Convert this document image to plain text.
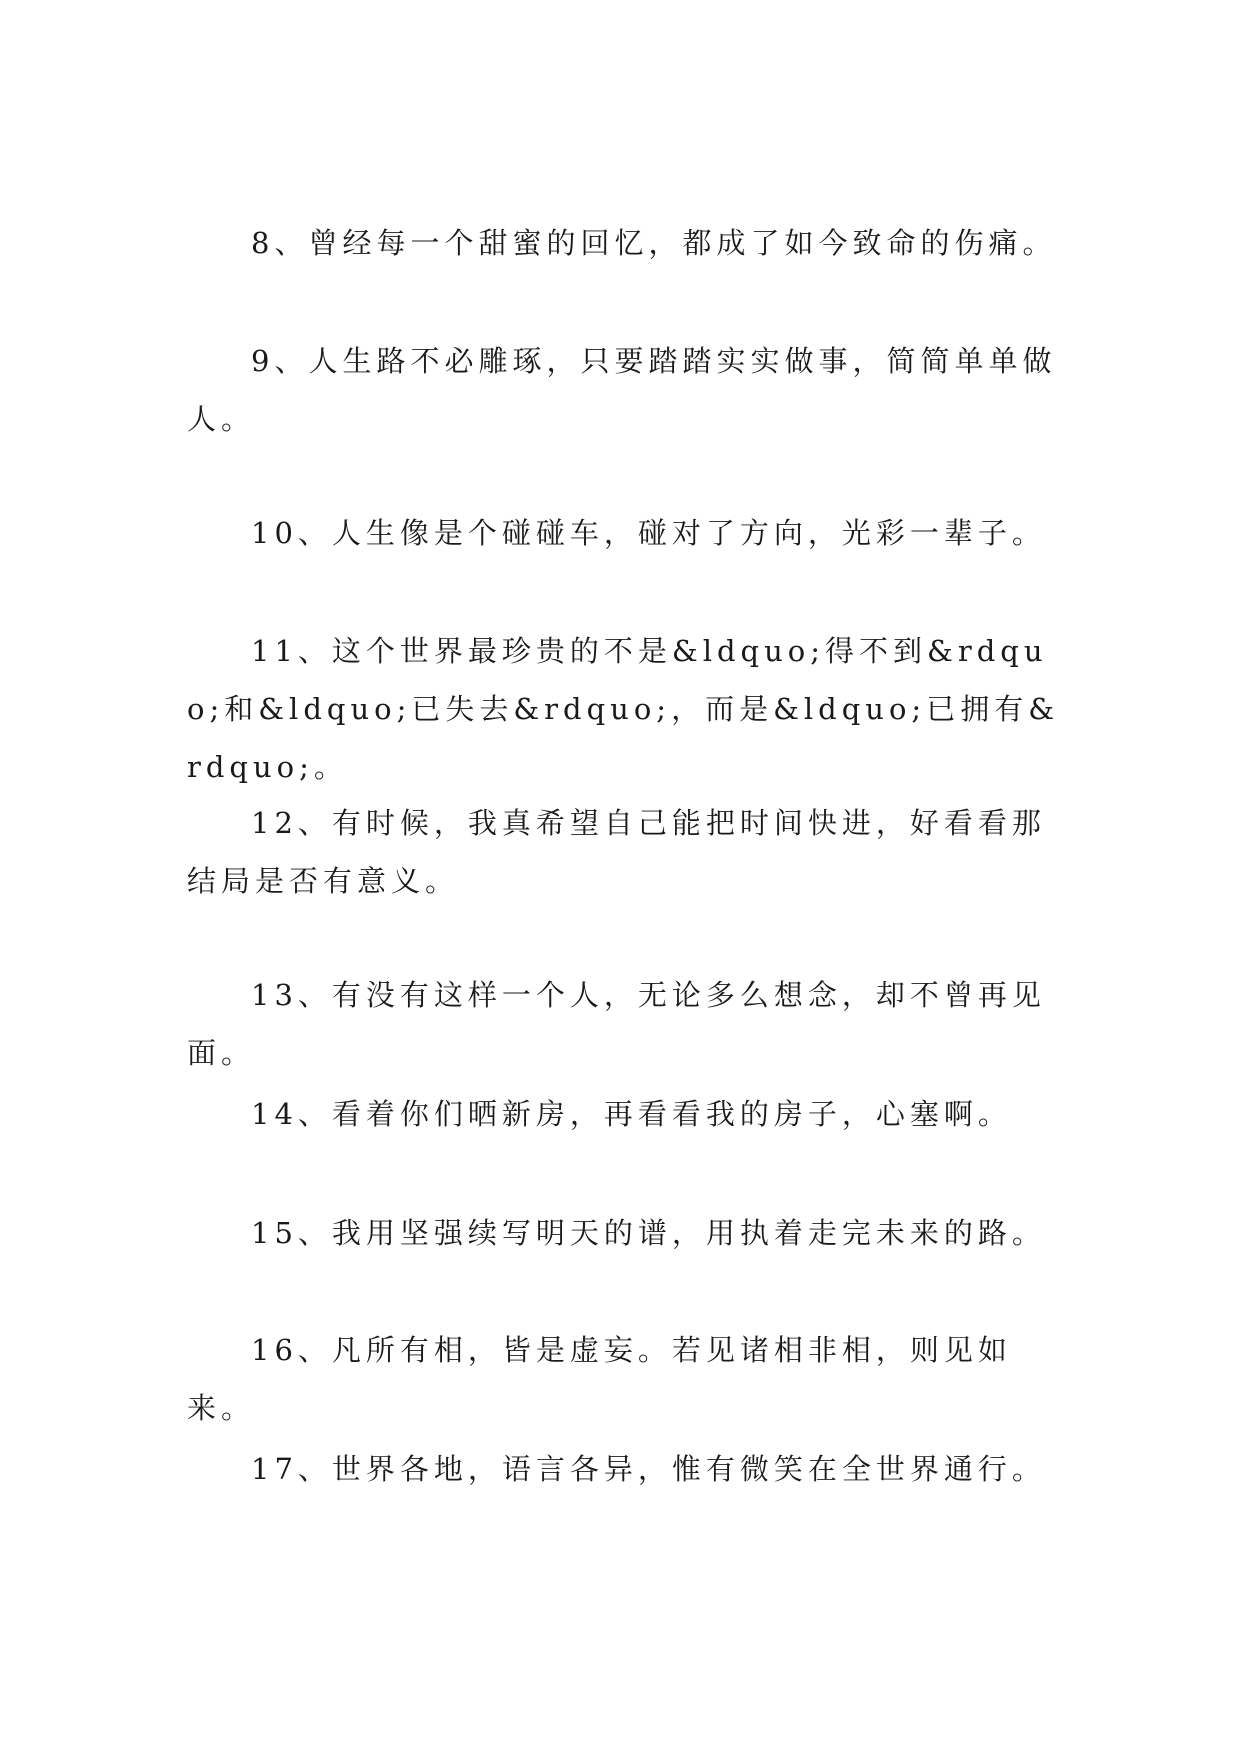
8、曾经每一个甜蜜的回忆，都成了如今致命的伤痛。

9、人生路不必雕琢，只要踏踏实实做事，简简单单做人。

10、人生像是个碰碰车，碰对了方向，光彩一辈子。

11、这个世界最珍贵的不是&ldquo;得不到&rdquo;和&ldquo;已失去&rdquo;，而是&ldquo;已拥有&rdquo;。

12、有时候，我真希望自己能把时间快进，好看看那结局是否有意义。

13、有没有这样一个人，无论多么想念，却不曾再见面。

14、看着你们晒新房，再看看我的房子，心塞啊。

15、我用坚强续写明天的谱，用执着走完未来的路。

16、凡所有相，皆是虚妄。若见诸相非相，则见如来。

17、世界各地，语言各异，惟有微笑在全世界通行。
